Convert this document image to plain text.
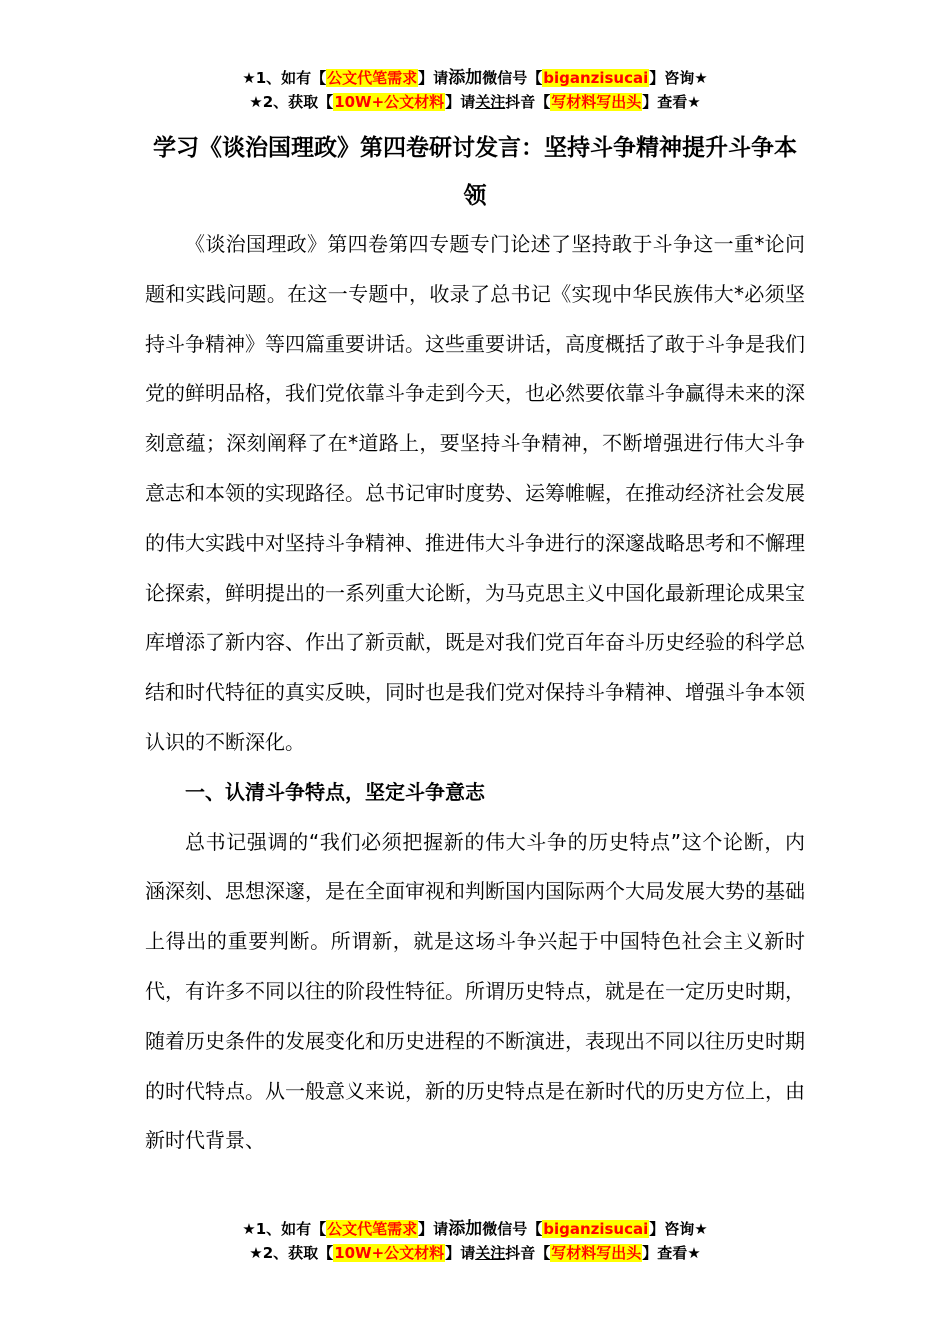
★1、如有【公文代笔需求】请添加微信号【biganzisucai】咨询★
★2、获取【10W+公文材料】请关注抖音【写材料写出头】查看★
学习《谈治国理政》第四卷研讨发言：坚持斗争精神提升斗争本领

《谈治国理政》第四卷第四专题专门论述了坚持敢于斗争这一重*论问题和实践问题。在这一专题中，收录了总书记《实现中华民族伟大*必须坚持斗争精神》等四篇重要讲话。这些重要讲话，高度概括了敢于斗争是我们党的鲜明品格，我们党依靠斗争走到今天，也必然要依靠斗争赢得未来的深刻意蕴；深刻阐释了在*道路上，要坚持斗争精神，不断增强进行伟大斗争意志和本领的实现路径。总书记审时度势、运筹帷幄，在推动经济社会发展的伟大实践中对坚持斗争精神、推进伟大斗争进行的深邃战略思考和不懈理论探索，鲜明提出的一系列重大论断，为马克思主义中国化最新理论成果宝库增添了新内容、作出了新贡献，既是对我们党百年奋斗历史经验的科学总结和时代特征的真实反映，同时也是我们党对保持斗争精神、增强斗争本领认识的不断深化。

一、认清斗争特点，坚定斗争意志

总书记强调的“我们必须把握新的伟大斗争的历史特点”这个论断，内涵深刻、思想深邃，是在全面审视和判断国内国际两个大局发展大势的基础上得出的重要判断。所谓新，就是这场斗争兴起于中国特色社会主义新时代，有许多不同以往的阶段性特征。所谓历史特点，就是在一定历史时期，随着历史条件的发展变化和历史进程的不断演进，表现出不同以往历史时期的时代特点。从一般意义来说，新的历史特点是在新时代的历史方位上，由新时代背景、

★1、如有【公文代笔需求】请添加微信号【biganzisucai】咨询★
★2、获取【10W+公文材料】请关注抖音【写材料写出头】查看★
